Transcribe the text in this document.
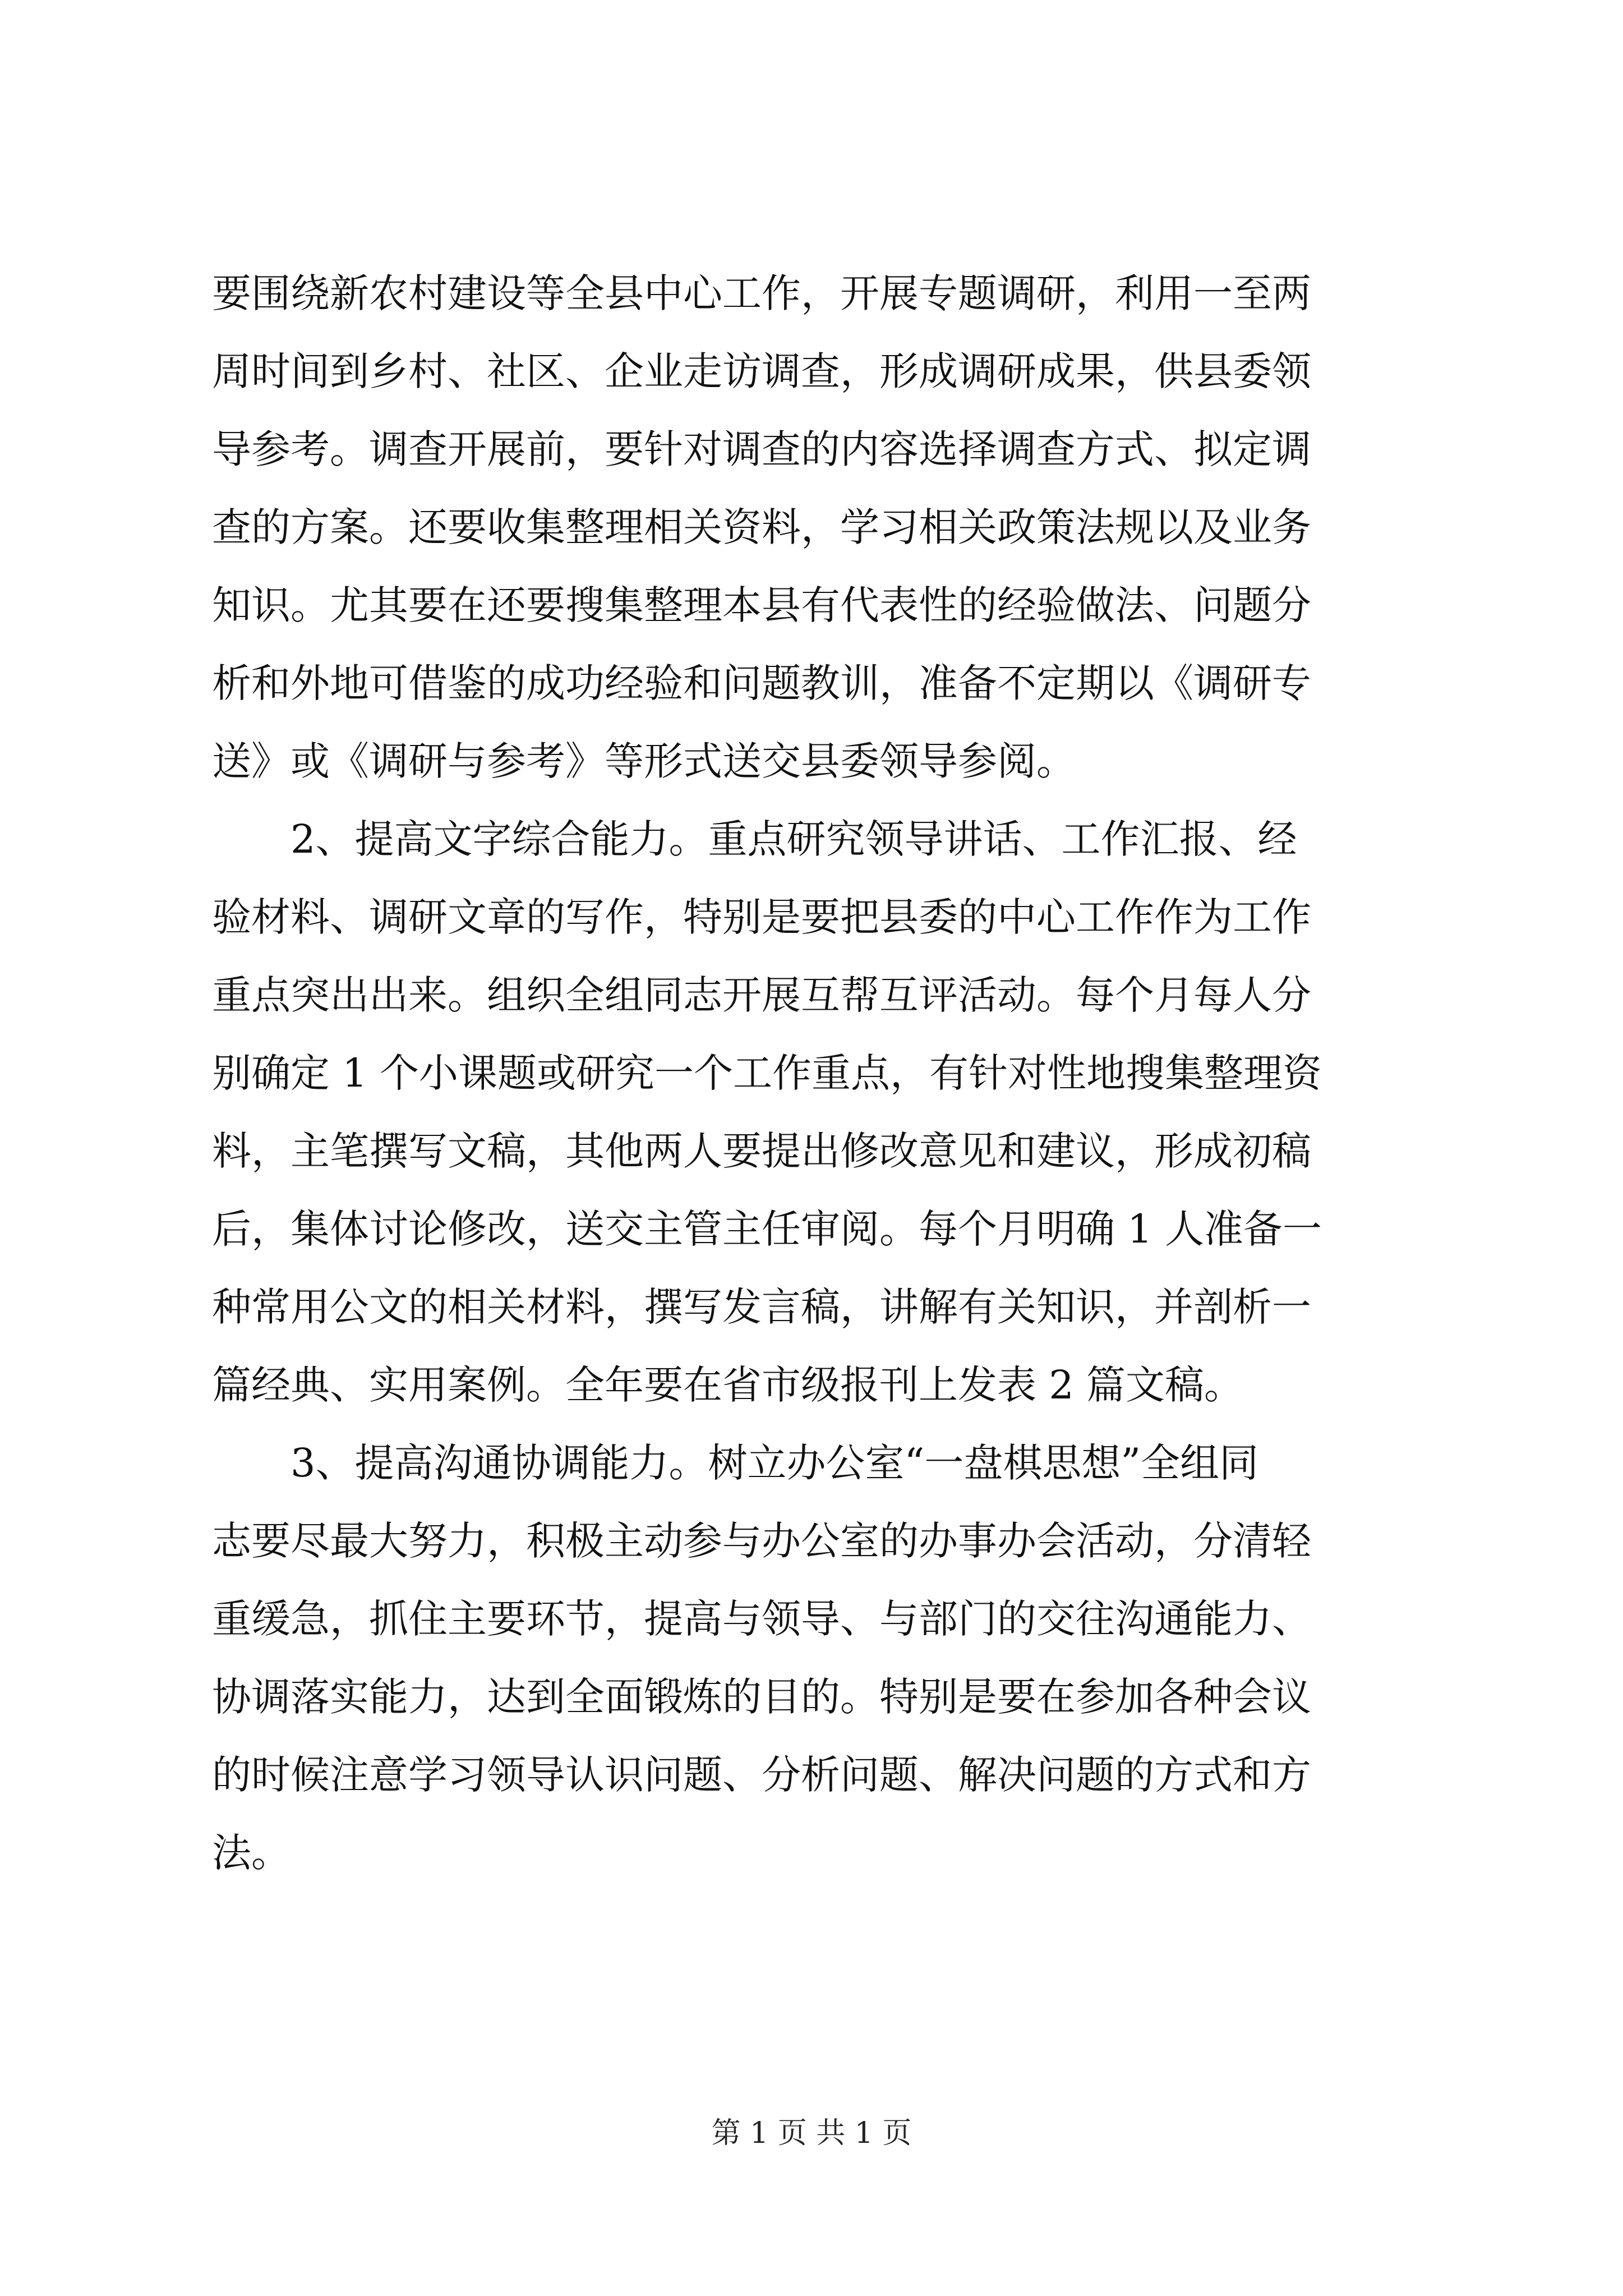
要围绕新农村建设等全县中心工作，开展专题调研，利用一至两
周时间到乡村、社区、企业走访调查，形成调研成果，供县委领
导参考。调查开展前，要针对调查的内容选择调查方式、拟定调
查的方案。还要收集整理相关资料，学习相关政策法规以及业务
知识。尤其要在还要搜集整理本县有代表性的经验做法、问题分
析和外地可借鉴的成功经验和问题教训，准备不定期以《调研专
送》或《调研与参考》等形式送交县委领导参阅。
　　2、提高文字综合能力。重点研究领导讲话、工作汇报、经
验材料、调研文章的写作，特别是要把县委的中心工作作为工作
重点突出出来。组织全组同志开展互帮互评活动。每个月每人分
别确定 1 个小课题或研究一个工作重点，有针对性地搜集整理资
料，主笔撰写文稿，其他两人要提出修改意见和建议，形成初稿
后，集体讨论修改，送交主管主任审阅。每个月明确 1 人准备一
种常用公文的相关材料，撰写发言稿，讲解有关知识，并剖析一
篇经典、实用案例。全年要在省市级报刊上发表 2 篇文稿。
　　3、提高沟通协调能力。树立办公室“一盘棋思想”全组同
志要尽最大努力，积极主动参与办公室的办事办会活动，分清轻
重缓急，抓住主要环节，提高与领导、与部门的交往沟通能力、
协调落实能力，达到全面锻炼的目的。特别是要在参加各种会议
的时候注意学习领导认识问题、分析问题、解决问题的方式和方
法。
第 1 页 共 1 页
